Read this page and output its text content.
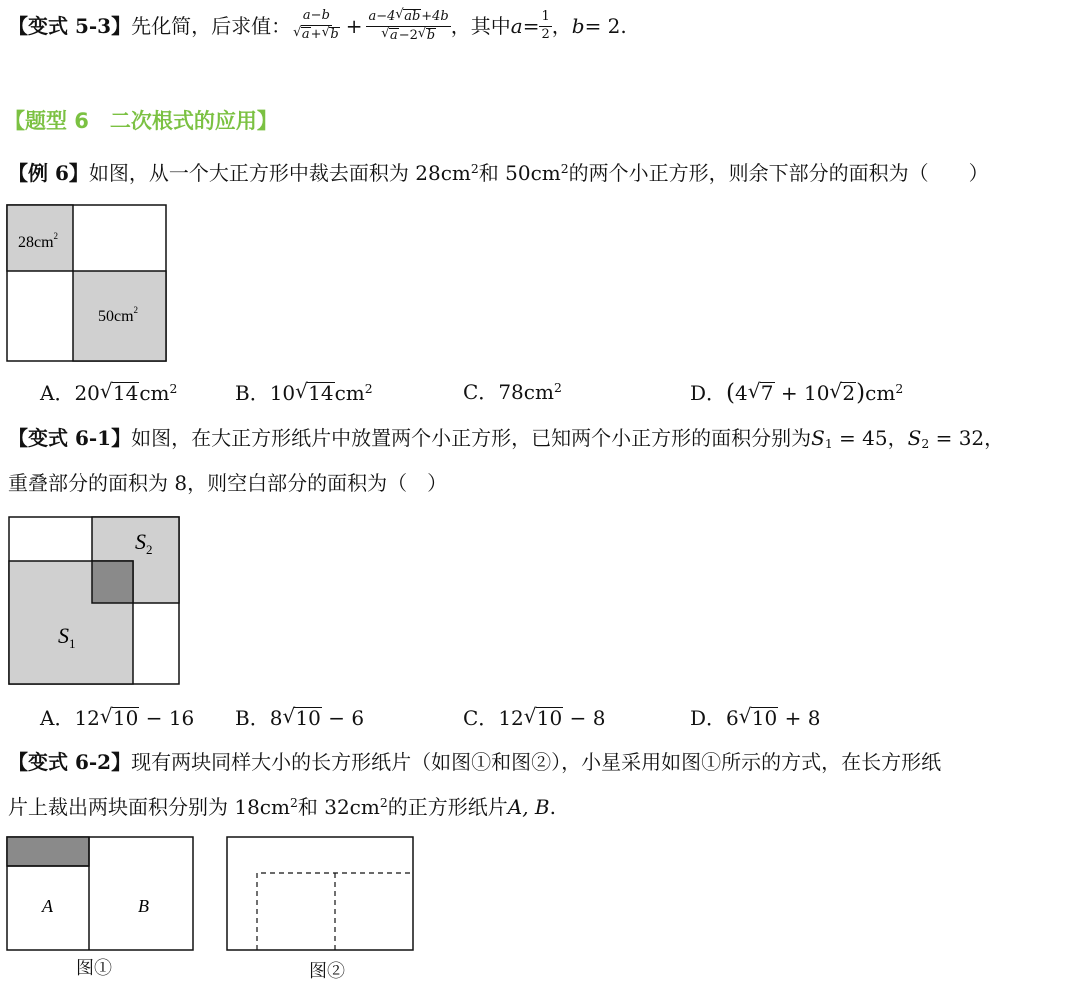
【变式 5-3】 先化简，后求值： a−b
√ a+ √ b + a−4 √ ab+4b
√ a−2 √ b ，其中 $a = \frac{1}{2}$ ， b = 2.
【题型 6　二次根式的应用】
【例 6】如图，从一个大正方形中裁去面积为 $28cm^2$和 $50cm^2$的两个小正方形，则余下部分的面积为（　　）
$28cm^2$
$50cm^2$
A．20 √ $14cm^2$	B．10 √ $14cm^2$	C．$78cm^2$	D．(4 √ 7 + 10 √ $2)cm^2$
【变式 6-1】如图，在大正方形纸片中放置两个小正方形，已知两个小正方形的面积分别为$S_1 = 45$，$S_2 = 32$，
重叠部分的面积为 8，则空白部分的面积为（　）
$S_2$
$S_1$
A．12 √ 10 − 16 B．8 √ 10 − 6	C．12 √ 10 − 8	D．6 √ 10 + 8
【变式 6-2】现有两块同样大小的长方形纸片（如图①和图②），小星采用如图①所示的方式，在长方形纸
片上裁出两块面积分别为 $18cm^2$和 $32cm^2$的正方形纸片A, B.
A	B
图①	图②
